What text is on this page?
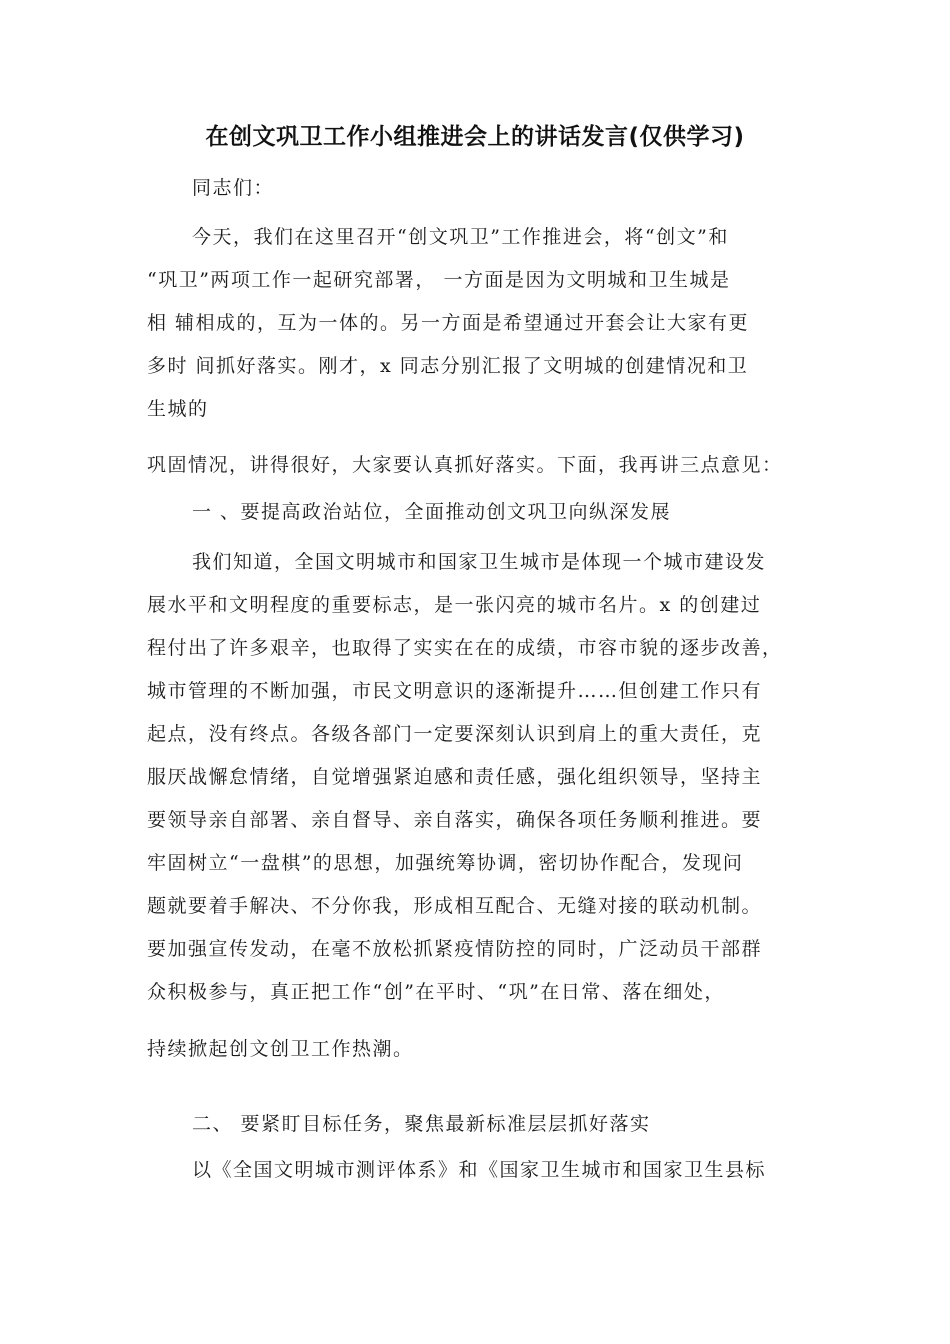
在创文巩卫工作小组推进会上的讲话发言(仅供学习)
同志们：
今天，我们在这里召开“创文巩卫”工作推进会，将“创文”和
“巩卫”两项工作一起研究部署， 一方面是因为文明城和卫生城是
相 辅相成的，互为一体的。另一方面是希望通过开套会让大家有更
多时 间抓好落实。刚才，x 同志分别汇报了文明城的创建情况和卫
生城的
巩固情况，讲得很好，大家要认真抓好落实。下面，我再讲三点意见：
一 、要提高政治站位，全面推动创文巩卫向纵深发展
我们知道，全国文明城市和国家卫生城市是体现一个城市建设发
展水平和文明程度的重要标志，是一张闪亮的城市名片。x 的创建过
程付出了许多艰辛，也取得了实实在在的成绩，市容市貌的逐步改善，
城市管理的不断加强，市民文明意识的逐渐提升……但创建工作只有
起点，没有终点。各级各部门一定要深刻认识到肩上的重大责任，克
服厌战懈怠情绪，自觉增强紧迫感和责任感，强化组织领导，坚持主
要领导亲自部署、亲自督导、亲自落实，确保各项任务顺利推进。要
牢固树立“一盘棋”的思想，加强统筹协调，密切协作配合，发现问
题就要着手解决、不分你我，形成相互配合、无缝对接的联动机制。
要加强宣传发动，在毫不放松抓紧疫情防控的同时，广泛动员干部群
众积极参与，真正把工作“创”在平时、“巩”在日常、落在细处，
持续掀起创文创卫工作热潮。
二、 要紧盯目标任务，聚焦最新标准层层抓好落实
以《全国文明城市测评体系》和《国家卫生城市和国家卫生县标
